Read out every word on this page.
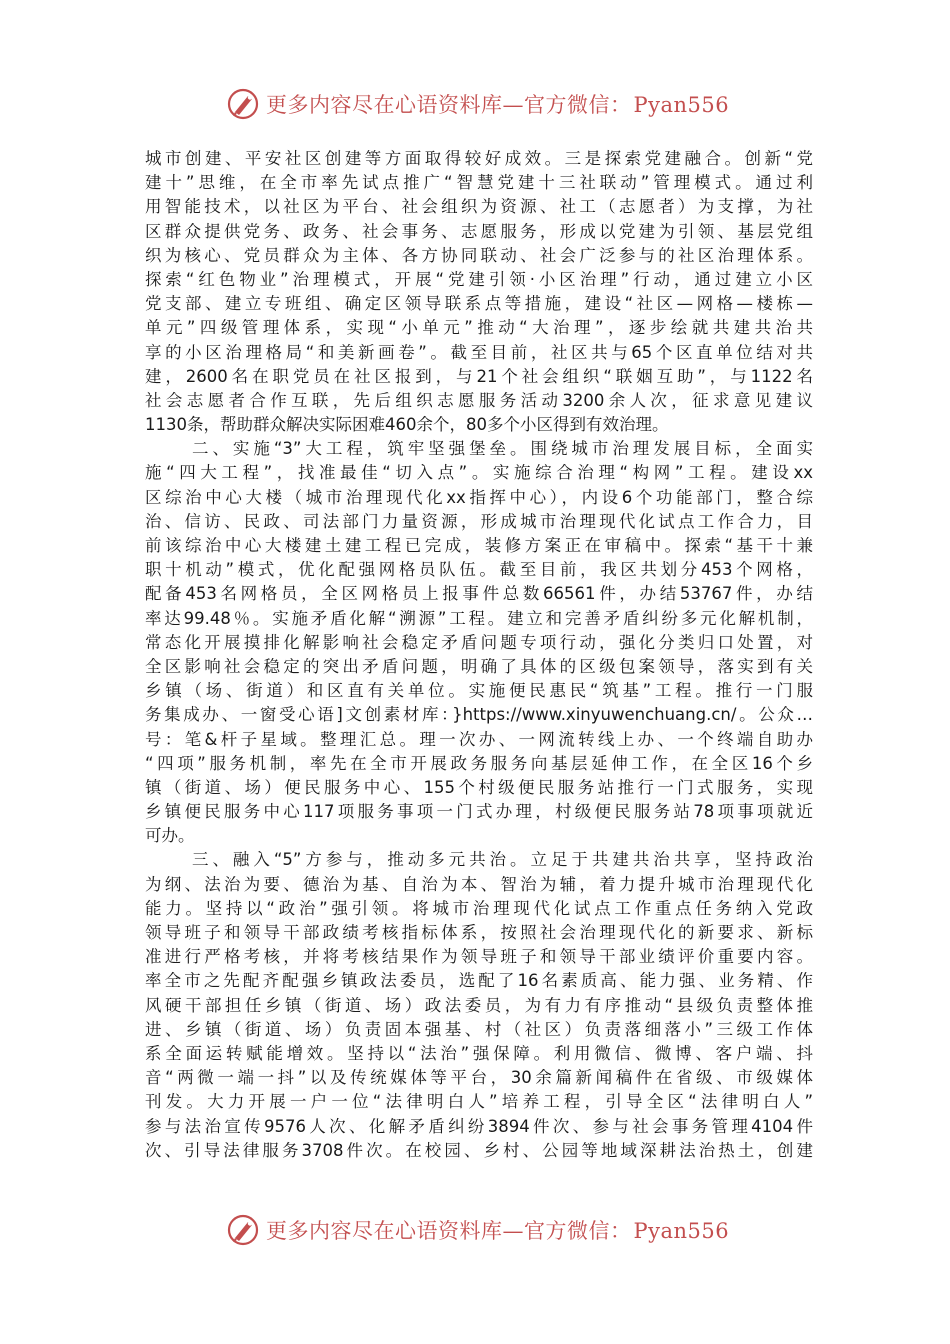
更多内容尽在心语资料库—官方微信：Pyan556
城市创建、平安社区创建等方面取得较好成效。三是探索党建融合。创新“党
建十”思维，在全市率先试点推广“智慧党建十三社联动”管理模式。通过利
用智能技术，以社区为平台、社会组织为资源、社工（志愿者）为支撑，为社
区群众提供党务、政务、社会事务、志愿服务，形成以党建为引领、基层党组
织为核心、党员群众为主体、各方协同联动、社会广泛参与的社区治理体系。
探索“红色物业”治理模式，开展“党建引领·小区治理”行动，通过建立小区
党支部、建立专班组、确定区领导联系点等措施，建设“社区—网格—楼栋—
单元”四级管理体系，实现“小单元”推动“大治理”，逐步绘就共建共治共
享的小区治理格局“和美新画卷”。截至目前，社区共与65个区直单位结对共
建，2600名在职党员在社区报到，与21个社会组织“联姻互助”，与1122名
社会志愿者合作互联，先后组织志愿服务活动3200余人次，征求意见建议
1130条，帮助群众解决实际困难460余个，80多个小区得到有效治理。
二、实施“3”大工程，筑牢坚强堡垒。围绕城市治理发展目标，全面实
施“四大工程”，找准最佳“切入点”。实施综合治理“构网”工程。建设xx
区综治中心大楼（城市治理现代化xx指挥中心），内设6个功能部门，整合综
治、信访、民政、司法部门力量资源，形成城市治理现代化试点工作合力，目
前该综治中心大楼建土建工程已完成，装修方案正在审稿中。探索“基干十兼
职十机动”模式，优化配强网格员队伍。截至目前，我区共划分453个网格，
配备453名网格员，全区网格员上报事件总数66561件，办结53767件，办结
率达99.48％。实施矛盾化解“溯源”工程。建立和完善矛盾纠纷多元化解机制，
常态化开展摸排化解影响社会稳定矛盾问题专项行动，强化分类归口处置，对
全区影响社会稳定的突出矛盾问题，明确了具体的区级包案领导，落实到有关
乡镇（场、街道）和区直有关单位。实施便民惠民“筑基”工程。推行一门服
务集成办、一窗受心语]文创素材库：}https://www.xinyuwenchuang.cn/。公众…
号：笔&杆子星域。整理汇总。理一次办、一网流转线上办、一个终端自助办
“四项”服务机制，率先在全市开展政务服务向基层延伸工作，在全区16个乡
镇（街道、场）便民服务中心、155个村级便民服务站推行一门式服务，实现
乡镇便民服务中心117项服务事项一门式办理，村级便民服务站78项事项就近
可办。
三、融入“5”方参与，推动多元共治。立足于共建共治共享，坚持政治
为纲、法治为要、德治为基、自治为本、智治为辅，着力提升城市治理现代化
能力。坚持以“政治”强引领。将城市治理现代化试点工作重点任务纳入党政
领导班子和领导干部政绩考核指标体系，按照社会治理现代化的新要求、新标
准进行严格考核，并将考核结果作为领导班子和领导干部业绩评价重要内容。
率全市之先配齐配强乡镇政法委员，选配了16名素质高、能力强、业务精、作
风硬干部担任乡镇（街道、场）政法委员，为有力有序推动“县级负责整体推
进、乡镇（街道、场）负责固本强基、村（社区）负责落细落小”三级工作体
系全面运转赋能增效。坚持以“法治”强保障。利用微信、微博、客户端、抖
音“两微一端一抖”以及传统媒体等平台，30余篇新闻稿件在省级、市级媒体
刊发。大力开展一户一位“法律明白人”培养工程，引导全区“法律明白人”
参与法治宣传9576人次、化解矛盾纠纷3894件次、参与社会事务管理4104件
次、引导法律服务3708件次。在校园、乡村、公园等地域深耕法治热土，创建
更多内容尽在心语资料库—官方微信：Pyan556
